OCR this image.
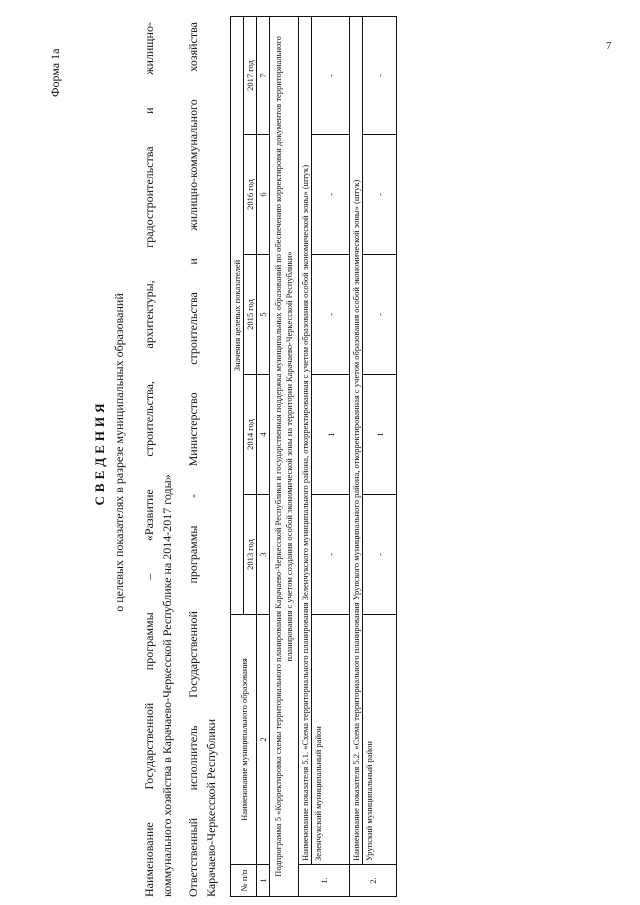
7
Форма 1а
СВЕДЕНИЯ о целевых показателях в разрезе муниципальных образований
Наименование
Государственной
программы
–
«Развитие
строительства,
архитектуры,
градостроительства
и
жилищно-
коммунального хозяйства в Карачаево-Черкесской Республике на 2014-2017 годы» Ответственный
исполнитель
Государственной
программы
-
Министерство
строительства
и
жилищно-коммунального
хозяйства
Карачаево-Черкесской Республики № п/п	Наименование муниципального образования	Значения целевых показателей				
		2013 год	2014 год	2015 год	2016 год	2017 год
1	2	3	4	5	6	7
Подпрограмма 5 «Корректировка схемы территориального планирования Карачаево-Черкесской Республики и государственная поддержка муниципальных образований по обеспечению корректировки документов территориального планирования с учетом создания особой экономической зоны на территории Карачаево-Черкесской Республики»						
1.	Наименование показателя 5.1. «Схема территориального планирования Зеленчукского муниципального района, откорректированная с учетом образования особой экономической зоны» (штук)					
	Зеленчукский муниципальный район	-	1	-	-	-
2.	Наименование показателя 5.2. «Схема территориального планирования Урупского муниципального района, откорректированная с учетом образования особой экономической зоны» (штук)					
	Урупский муниципальный район	-	1	-	-	-
